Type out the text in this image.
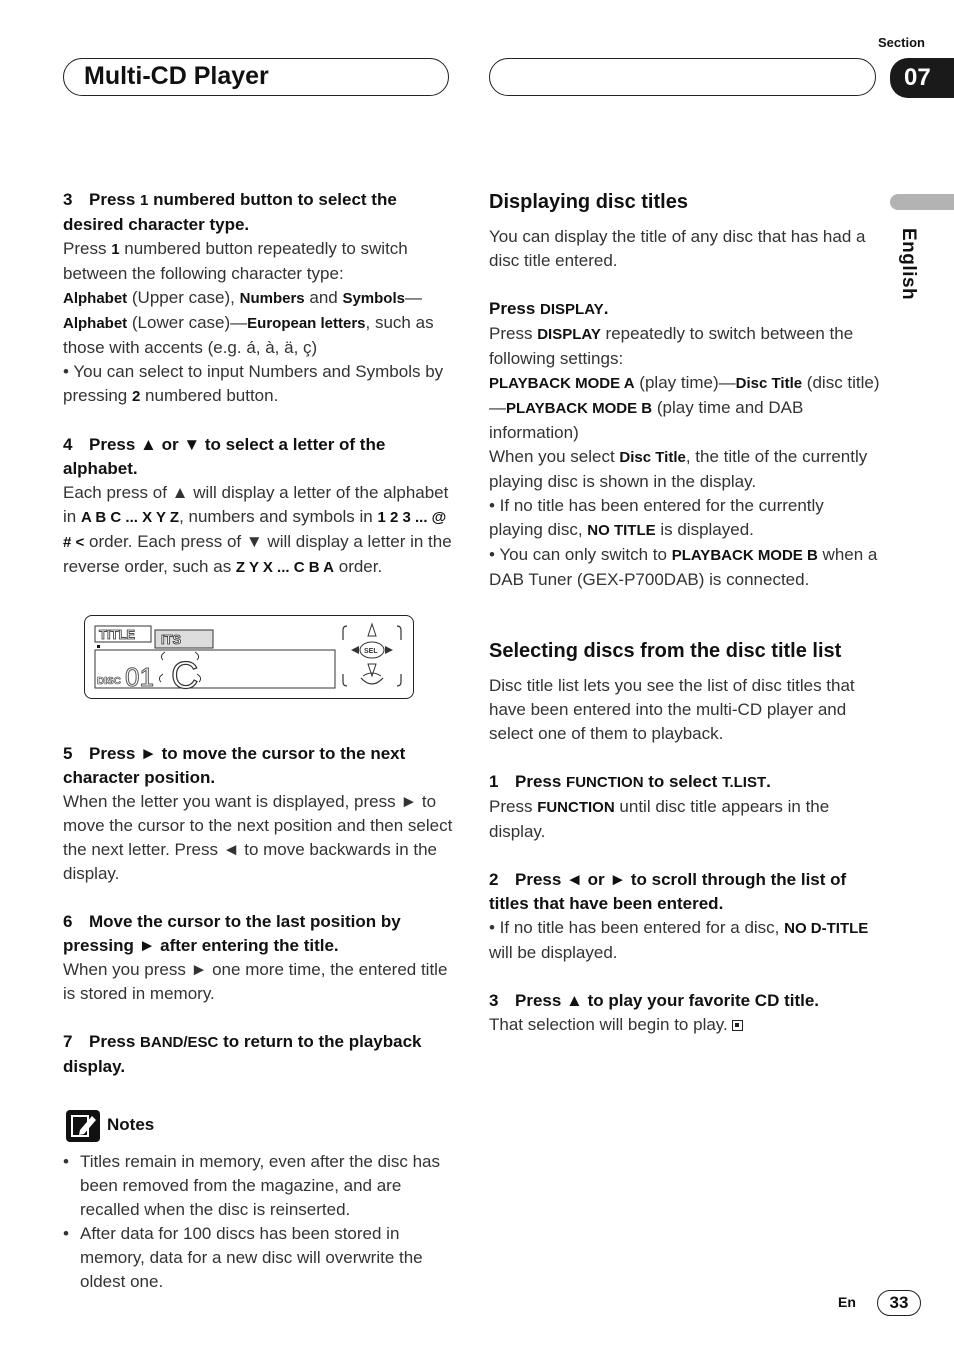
Section
Multi-CD Player	07
English

3 Press 1 numbered button to select the desired character type.

Press 1 numbered button repeatedly to switch between the following character type:

Alphabet (Upper case), Numbers and Symbols—Alphabet (Lower case)—European letters, such as those with accents (e.g. á, à, ä, ç)

• You can select to input Numbers and Symbols by pressing 2 numbered button.

4 Press ▲ or ▼ to select a letter of the alphabet.

Each press of ▲ will display a letter of the alphabet in A B C ... X Y Z, numbers and symbols in 1 2 3 ... @ # < order. Each press of ▼ will display a letter in the reverse order, such as Z Y X ... C B A order.

TITLE ITS
DISC 01 C
SEL

5 Press ► to move the cursor to the next character position.

When the letter you want is displayed, press ► to move the cursor to the next position and then select the next letter. Press ◄ to move backwards in the display.

6 Move the cursor to the last position by pressing ► after entering the title.

When you press ► one more time, the entered title is stored in memory.

7 Press BAND/ESC to return to the playback display.

Notes
• Titles remain in memory, even after the disc has been removed from the magazine, and are recalled when the disc is reinserted.
• After data for 100 discs has been stored in memory, data for a new disc will overwrite the oldest one.

Displaying disc titles

You can display the title of any disc that has had a disc title entered.

Press DISPLAY.

Press DISPLAY repeatedly to switch between the following settings:

PLAYBACK MODE A (play time)—Disc Title (disc title)—PLAYBACK MODE B (play time and DAB information)

When you select Disc Title, the title of the currently playing disc is shown in the display.

• If no title has been entered for the currently playing disc, NO TITLE is displayed.

• You can only switch to PLAYBACK MODE B when a DAB Tuner (GEX-P700DAB) is connected.

Selecting discs from the disc title list

Disc title list lets you see the list of disc titles that have been entered into the multi-CD player and select one of them to playback.

1 Press FUNCTION to select T.LIST.

Press FUNCTION until disc title appears in the display.

2 Press ◄ or ► to scroll through the list of titles that have been entered.

• If no title has been entered for a disc, NO D-TITLE will be displayed.

3 Press ▲ to play your favorite CD title.

That selection will begin to play.

En	33
